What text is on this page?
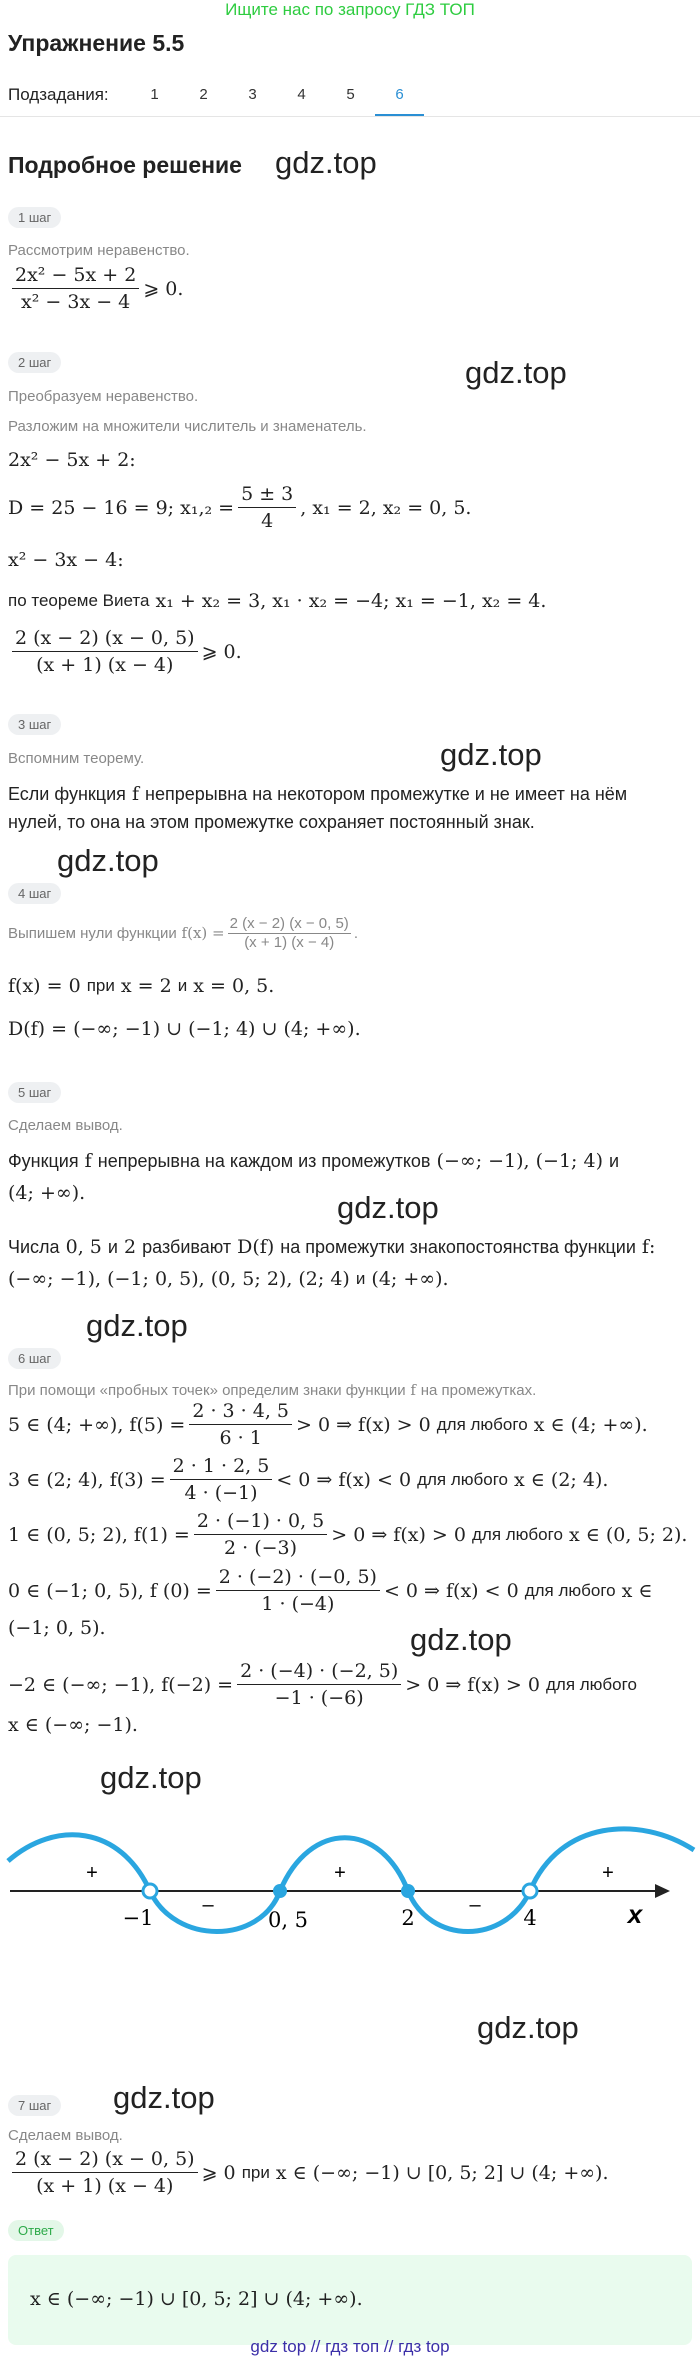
Ищите нас по запросу ГДЗ ТОП
Упражнение 5.5
Подзадания:	1	2	3	4	5	6
Подробное решение gdz.top
1 шаг
Рассмотрим неравенство.
$\frac{\text{2x² − 5x + 2}}{\text{x² − 3x − 4}}$ ⩾ 0.
2 шаг	gdz.top
Преобразуем неравенство.
Разложим на множители числитель и знаменатель.
2x² − 5x + 2:
D = 25 − 16 = 9; $x_1,_2 = \frac{5 \pm 3}{4}$ , x₁ = 2, x₂ = 0, 5.
x² − 3x − 4:
по теореме Виета x₁ + x₂ = 3, x₁ · x₂ = −4; x₁ = −1, x₂ = 4.
$\frac{2 (x - 2) (x - 0, 5)}{(x + 1) (x - 4)}$ ⩾ 0.
3 шаг
gdz.top
Вспомним теорему.
Если функция f непрерывна на некотором промежутке и не имеет на нём
нулей, то она на этом промежутке сохраняет постоянный знак.
gdz.top
4 шаг
Выпишем нули функции $f(x) = \frac{2 (x - 2) (x - 0, 5)}{(x + 1) (x - 4)}$ .
f(x) = 0 при x = 2 и x = 0, 5.
D(f) = (−∞; −1) ∪ (−1; 4) ∪ (4; +∞).
5 шаг
Сделаем вывод.
Функция f непрерывна на каждом из промежутков (−∞; −1), (−1; 4) и
(4; +∞).	gdz.top
Числа 0, 5 и 2 разбивают D(f) на промежутки знакопостоянства функции f:
(−∞; −1), (−1; 0, 5), (0, 5; 2), (2; 4) и (4; +∞).
gdz.top
6 шаг
При помощи «пробных точек» определим знаки функции f на промежутках.
5 ∈ (4; +∞), $f(5) = \frac{2 \cdot 3 \cdot 4, 5}{6 \cdot 1} > 0$ ⇒ f(x) > 0 для любого x ∈ (4; +∞).
3 ∈ (2; 4), $f(3) = \frac{2 \cdot 1 \cdot 2, 5}{4 \cdot (-1)} < 0$ ⇒ f(x) < 0 для любого x ∈ (2; 4).
1 ∈ (0, 5; 2), $f(1) = \frac{2 \cdot (-1) \cdot 0, 5}{2 \cdot (-3)} > 0$ ⇒ f(x) > 0 для любого x ∈ (0, 5; 2).
0 ∈ (−1; 0, 5), f $(0) = \frac{2 \cdot (-2) \cdot (-0, 5)}{1 \cdot (-4)} < 0$ ⇒ f(x) < 0 для любого x ∈
(−1; 0, 5).	gdz.top
−2 ∈ (−∞; −1), $f(-2) = \frac{2 \cdot (-4) \cdot (-2, 5)}{-1 \cdot (-6)} > 0$ ⇒ f(x) > 0 для любого
x ∈ (−∞; −1).
gdz.top
+
–
+
–
+
−1	0, 5	2	4	x
gdz.top
7 шаг	gdz.top
Сделаем вывод.
$\frac{2 (x - 2) (x - 0, 5)}{(x + 1) (x - 4)}$ ⩾ 0 при x ∈ (−∞; −1) ∪ [0, 5; 2] ∪ (4; +∞).
Ответ
x ∈ (−∞; −1) ∪ [0, 5; 2] ∪ (4; +∞).
gdz top // гдз топ // гдз top
